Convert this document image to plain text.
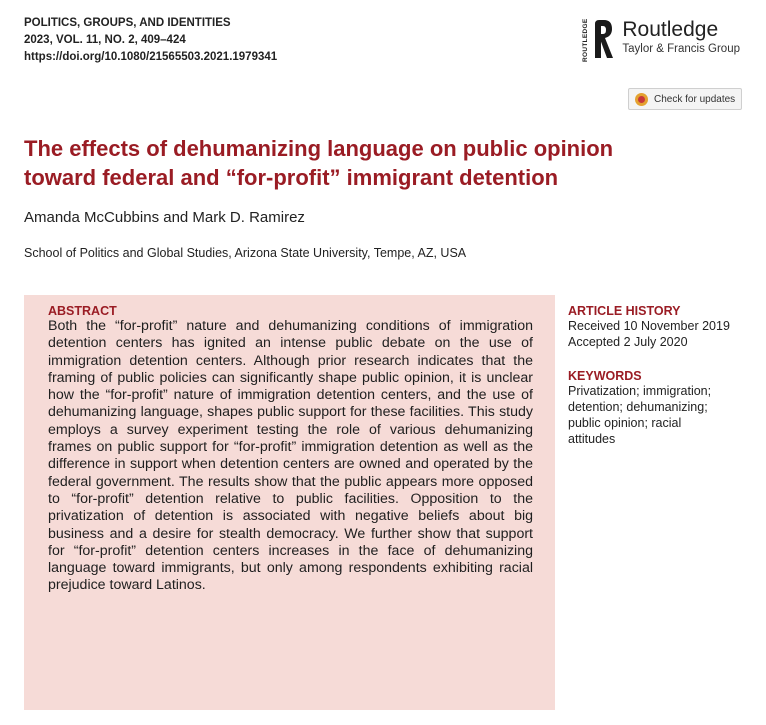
POLITICS, GROUPS, AND IDENTITIES
2023, VOL. 11, NO. 2, 409–424
https://doi.org/10.1080/21565503.2021.1979341	ROUTLEDGE Routledge
Taylor & Francis Group
Check for updates
The effects of dehumanizing language on public opinion
toward federal and “for-profit” immigrant detention
Amanda McCubbins and Mark D. Ramirez
School of Politics and Global Studies, Arizona State University, Tempe, AZ, USA
ABSTRACT

Both the “for-profit” nature and dehumanizing conditions of immigration detention centers has ignited an intense public debate on the use of immigration detention centers. Although prior research indicates that the framing of public policies can significantly shape public opinion, it is unclear how the “for-profit” nature of immigration detention centers, and the use of dehumanizing language, shapes public support for these facilities. This study employs a survey experiment testing the role of various dehumanizing frames on public support for “for-profit” immigration detention as well as the difference in support when detention centers are owned and operated by the federal government. The results show that the public appears more opposed to “for-profit” detention relative to public facilities. Opposition to the privatization of detention is associated with negative beliefs about big business and a desire for stealth democracy. We further show that support for “for-profit” detention centers increases in the face of dehumanizing language toward immigrants, but only among respondents exhibiting racial prejudice toward Latinos.

ARTICLE HISTORY
Received 10 November 2019
Accepted 2 July 2020
KEYWORDS
Privatization; immigration;
detention; dehumanizing;
public opinion; racial
attitudes
